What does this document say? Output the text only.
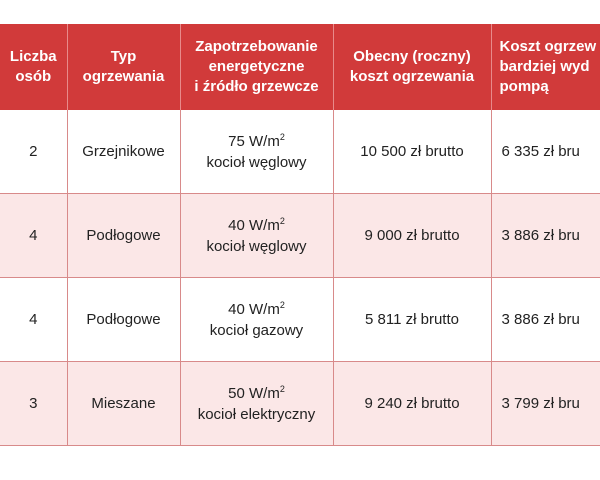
Liczba
osób	Typ
ogrzewania	Zapotrzebowanie
energetyczne
i źródło grzewcze	Obecny (roczny)
koszt ogrzewania	Koszt ogrzew
bardziej wyd
pompą
2	Grzejnikowe	75 $W/m^2$
kocioł węglowy	10 500 zł brutto	6 335 zł bru
4	Podłogowe	40 $W/m^2$
kocioł węglowy	9 000 zł brutto	3 886 zł bru
4	Podłogowe	40 $W/m^2$
kocioł gazowy	5 811 zł brutto	3 886 zł bru
3	Mieszane	50 $W/m^2$
kocioł elektryczny	9 240 zł brutto	3 799 zł bru
